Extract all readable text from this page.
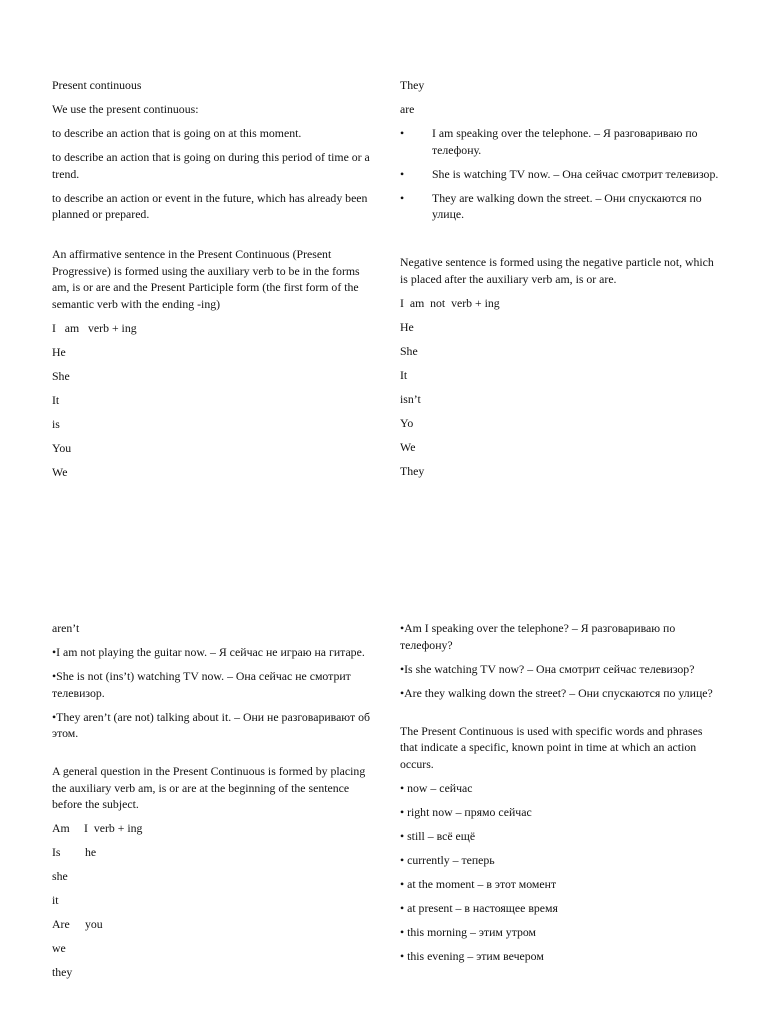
Present continuous
We use the present continuous:
to describe an action that is going on at this moment.
to describe an action that is going on during this period of time or a trend.
to describe an action or event in the future, which has already been planned or prepared.
An affirmative sentence in the Present Continuous (Present Progressive) is formed using the auxiliary verb to be in the forms am, is or are and the Present Participle form (the first form of the semantic verb with the ending -ing)
I   am   verb + ing
He
She
It
is
You
We
They
are
•	I am speaking over the telephone. – Я разговариваю по телефону.
•	She is watching TV now. – Она сейчас смотрит телевизор.
•	They are walking down the street. – Они спускаются по улице.
Negative sentence is formed using the negative particle not, which is placed after the auxiliary verb am, is or are.
I  am  not  verb + ing
He
She
It
isn’t
Yo
We
They
aren’t
•I am not playing the guitar now. – Я сейчас не играю на гитаре.
•She is not (ins’t) watching TV now. – Она сейчас не смотрит телевизор.
•They aren’t (are not) talking about it. – Они не разговаривают об этом.
A general question in the Present Continuous is formed by placing the auxiliary verb am, is or are at the beginning of the sentence before the subject.
Am I  verb + ing
Is he
she
it
Are you
we
they
•Am I speaking over the telephone? – Я разговариваю по телефону?
•Is she watching TV now? – Она смотрит сейчас телевизор?
•Are they walking down the street? – Они спускаются по улице?
The Present Continuous is used with specific words and phrases that indicate a specific, known point in time at which an action occurs.
• now – сейчас
• right now – прямо сейчас
• still – всё ещё
• currently – теперь
• at the moment – в этот момент
• at present – в настоящее время
• this morning – этим утром
• this evening – этим вечером
